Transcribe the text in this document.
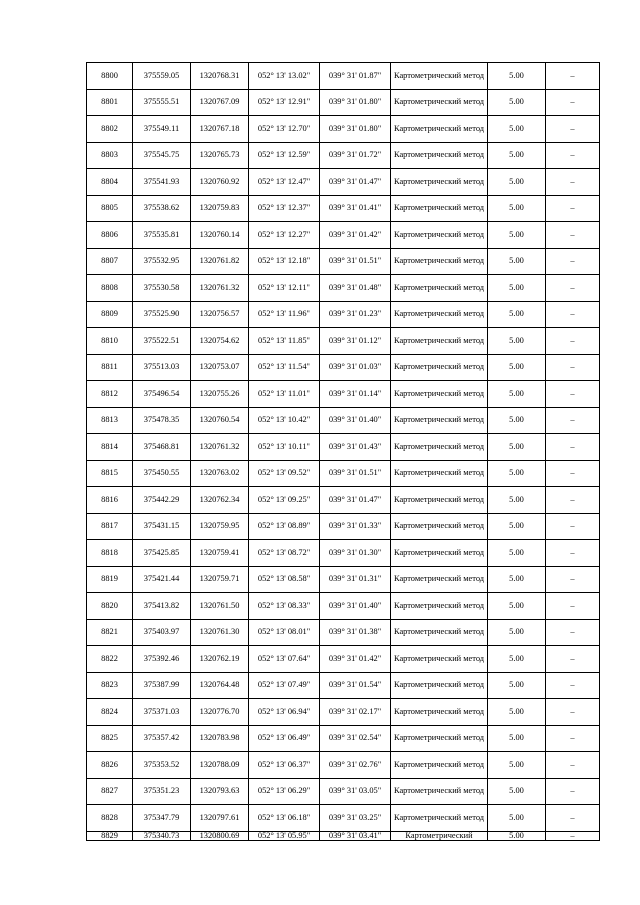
8800	375559.05	1320768.31	052° 13' 13.02"	039° 31' 01.87"	Картометрический метод	5.00	–
8801	375555.51	1320767.09	052° 13' 12.91"	039° 31' 01.80"	Картометрический метод	5.00	–
8802	375549.11	1320767.18	052° 13' 12.70"	039° 31' 01.80"	Картометрический метод	5.00	–
8803	375545.75	1320765.73	052° 13' 12.59"	039° 31' 01.72"	Картометрический метод	5.00	–
8804	375541.93	1320760.92	052° 13' 12.47"	039° 31' 01.47"	Картометрический метод	5.00	–
8805	375538.62	1320759.83	052° 13' 12.37"	039° 31' 01.41"	Картометрический метод	5.00	–
8806	375535.81	1320760.14	052° 13' 12.27"	039° 31' 01.42"	Картометрический метод	5.00	–
8807	375532.95	1320761.82	052° 13' 12.18"	039° 31' 01.51"	Картометрический метод	5.00	–
8808	375530.58	1320761.32	052° 13' 12.11"	039° 31' 01.48"	Картометрический метод	5.00	–
8809	375525.90	1320756.57	052° 13' 11.96"	039° 31' 01.23"	Картометрический метод	5.00	–
8810	375522.51	1320754.62	052° 13' 11.85"	039° 31' 01.12"	Картометрический метод	5.00	–
8811	375513.03	1320753.07	052° 13' 11.54"	039° 31' 01.03"	Картометрический метод	5.00	–
8812	375496.54	1320755.26	052° 13' 11.01"	039° 31' 01.14"	Картометрический метод	5.00	–
8813	375478.35	1320760.54	052° 13' 10.42"	039° 31' 01.40"	Картометрический метод	5.00	–
8814	375468.81	1320761.32	052° 13' 10.11"	039° 31' 01.43"	Картометрический метод	5.00	–
8815	375450.55	1320763.02	052° 13' 09.52"	039° 31' 01.51"	Картометрический метод	5.00	–
8816	375442.29	1320762.34	052° 13' 09.25"	039° 31' 01.47"	Картометрический метод	5.00	–
8817	375431.15	1320759.95	052° 13' 08.89"	039° 31' 01.33"	Картометрический метод	5.00	–
8818	375425.85	1320759.41	052° 13' 08.72"	039° 31' 01.30"	Картометрический метод	5.00	–
8819	375421.44	1320759.71	052° 13' 08.58"	039° 31' 01.31"	Картометрический метод	5.00	–
8820	375413.82	1320761.50	052° 13' 08.33"	039° 31' 01.40"	Картометрический метод	5.00	–
8821	375403.97	1320761.30	052° 13' 08.01"	039° 31' 01.38"	Картометрический метод	5.00	–
8822	375392.46	1320762.19	052° 13' 07.64"	039° 31' 01.42"	Картометрический метод	5.00	–
8823	375387.99	1320764.48	052° 13' 07.49"	039° 31' 01.54"	Картометрический метод	5.00	–
8824	375371.03	1320776.70	052° 13' 06.94"	039° 31' 02.17"	Картометрический метод	5.00	–
8825	375357.42	1320783.98	052° 13' 06.49"	039° 31' 02.54"	Картометрический метод	5.00	–
8826	375353.52	1320788.09	052° 13' 06.37"	039° 31' 02.76"	Картометрический метод	5.00	–
8827	375351.23	1320793.63	052° 13' 06.29"	039° 31' 03.05"	Картометрический метод	5.00	–
8828	375347.79	1320797.61	052° 13' 06.18"	039° 31' 03.25"	Картометрический метод	5.00	–
8829	375340.73	1320800.69	052° 13' 05.95"	039° 31' 03.41"	Картометрический	5.00	–
